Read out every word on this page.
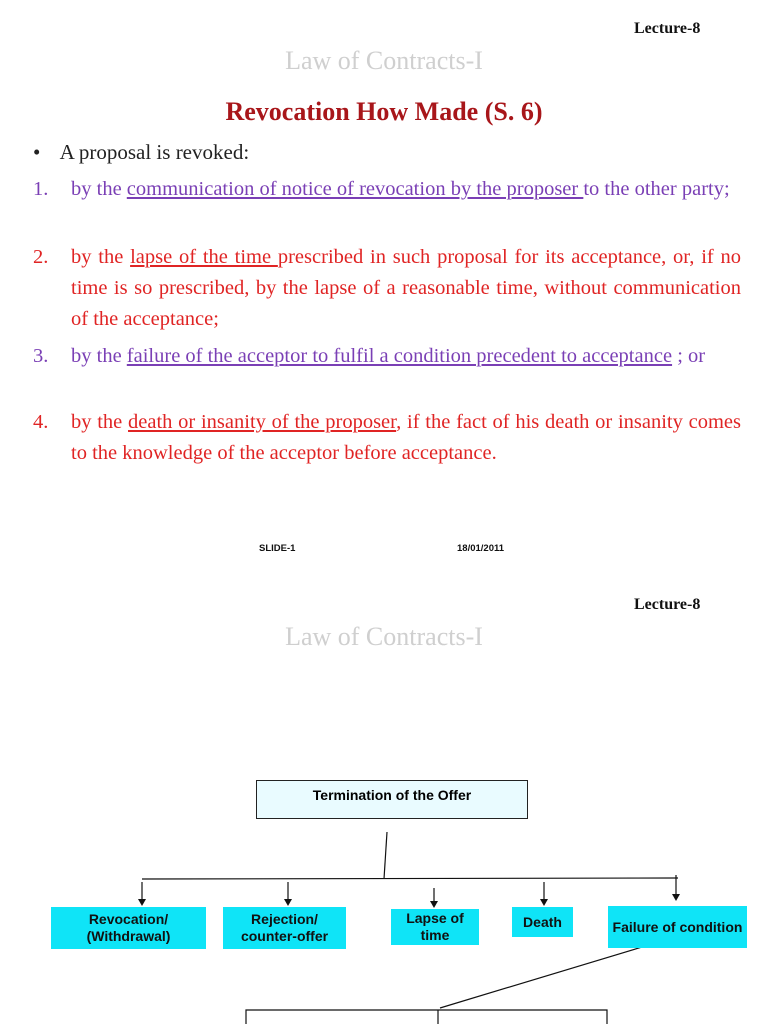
Lecture-8
Law of Contracts-I
Revocation How Made (S. 6)
• A proposal is revoked:
1. by the communication of notice of revocation by the proposer to the other party;
2. by the lapse of the time prescribed in such proposal for its acceptance, or, if no time is so prescribed, by the lapse of a reasonable time, without communication of the acceptance;
3. by the failure of the acceptor to fulfil a condition precedent to acceptance ; or
4. by the death or insanity of the proposer, if the fact of his death or insanity comes to the knowledge of the acceptor before acceptance.
SLIDE-1	18/01/2011
Lecture-8
Law of Contracts-I
Termination of the Offer
Revocation/ (Withdrawal)
Rejection/ counter-offer
Lapse of time
Death	Failure of condition
